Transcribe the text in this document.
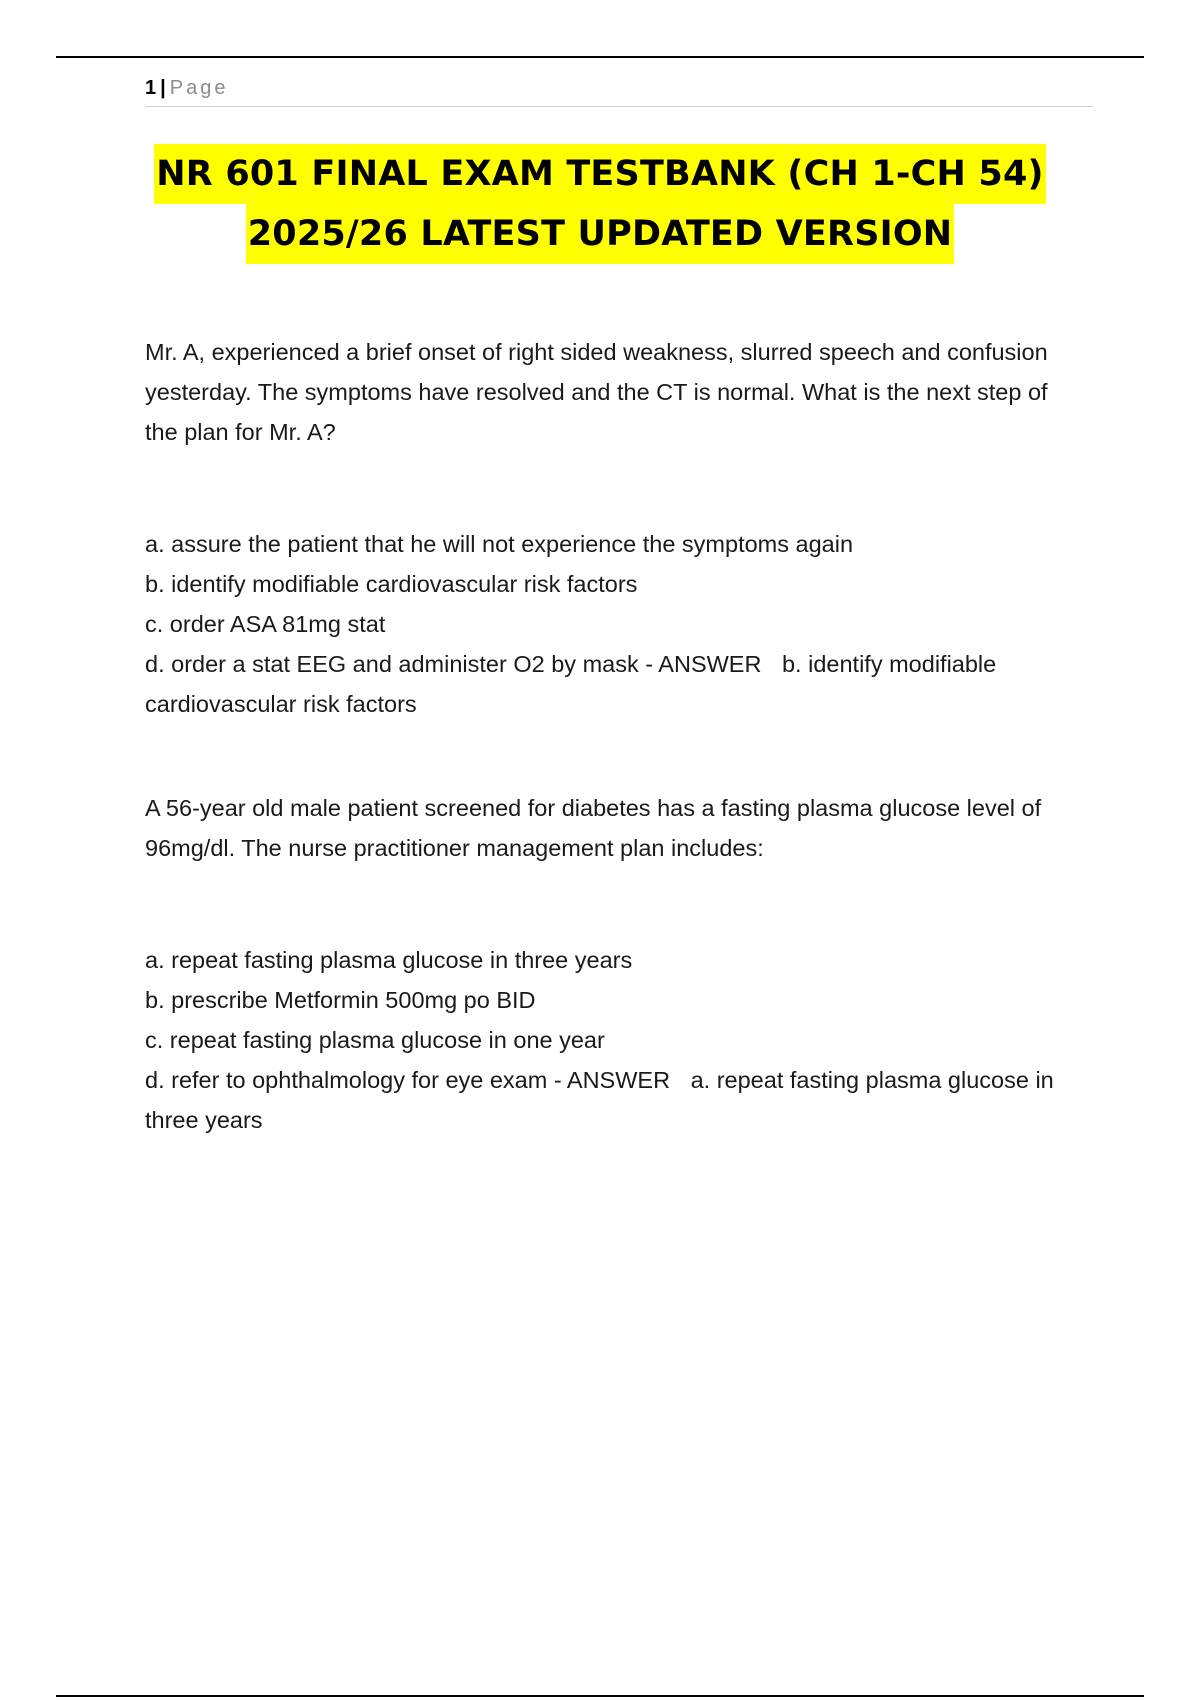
1 | Page
NR 601 FINAL EXAM TESTBANK (CH 1-CH 54)
2025/26 LATEST UPDATED VERSION

Mr. A, experienced a brief onset of right sided weakness, slurred speech and confusion yesterday. The symptoms have resolved and the CT is normal. What is the next step of the plan for Mr. A?

a. assure the patient that he will not experience the symptoms again

b. identify modifiable cardiovascular risk factors

c. order ASA 81mg stat

d. order a stat EEG and administer O2 by mask - ANSWER b. identify modifiable cardiovascular risk factors

A 56-year old male patient screened for diabetes has a fasting plasma glucose level of 96mg/dl. The nurse practitioner management plan includes:

a. repeat fasting plasma glucose in three years

b. prescribe Metformin 500mg po BID

c. repeat fasting plasma glucose in one year

d. refer to ophthalmology for eye exam - ANSWER a. repeat fasting plasma glucose in three years
